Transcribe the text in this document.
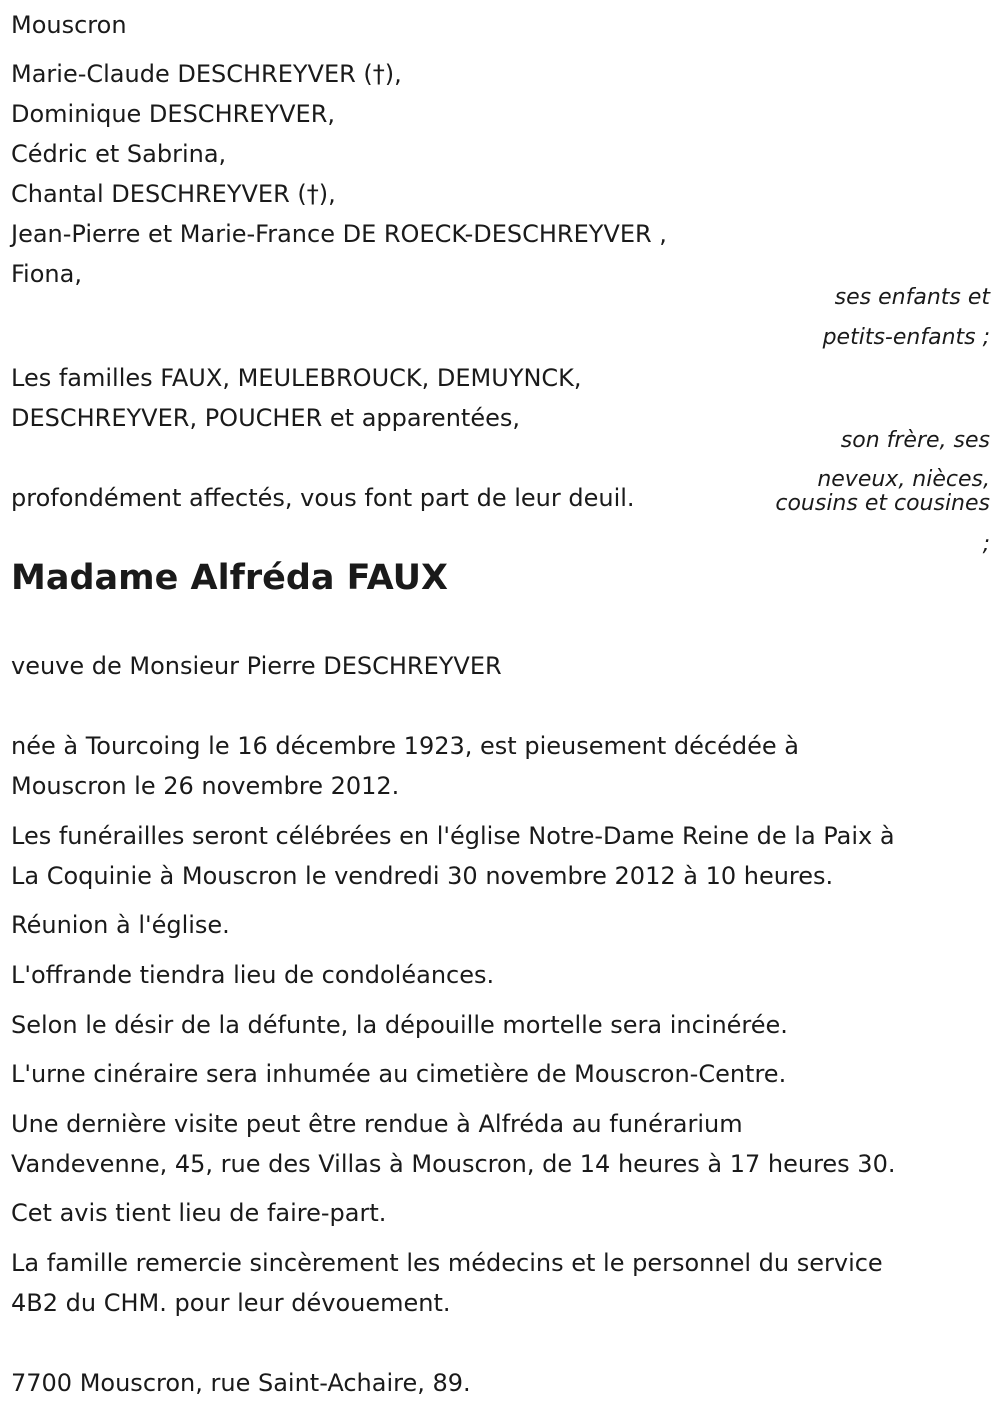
Mouscron
Marie-Claude DESCHREYVER (†),
Dominique DESCHREYVER,
Cédric et Sabrina,
Chantal DESCHREYVER (†),
Jean-Pierre et Marie-France DE ROECK-DESCHREYVER ,
Fiona,
ses enfants et
petits-enfants ;
Les familles FAUX, MEULEBROUCK, DEMUYNCK,
DESCHREYVER, POUCHER et apparentées,
son frère, ses
neveux, nièces,
cousins et cousines
;
profondément affectés, vous font part de leur deuil.
Madame Alfréda FAUX
veuve de Monsieur Pierre DESCHREYVER
née à Tourcoing le 16 décembre 1923, est pieusement décédée à
Mouscron le 26 novembre 2012.
Les funérailles seront célébrées en l'église Notre-Dame Reine de la Paix à
La Coquinie à Mouscron le vendredi 30 novembre 2012 à 10 heures.
Réunion à l'église.
L'offrande tiendra lieu de condoléances.
Selon le désir de la défunte, la dépouille mortelle sera incinérée.
L'urne cinéraire sera inhumée au cimetière de Mouscron-Centre.
Une dernière visite peut être rendue à Alfréda au funérarium
Vandevenne, 45, rue des Villas à Mouscron, de 14 heures à 17 heures 30.
Cet avis tient lieu de faire-part.
La famille remercie sincèrement les médecins et le personnel du service
4B2 du CHM. pour leur dévouement.
7700 Mouscron, rue Saint-Achaire, 89.
